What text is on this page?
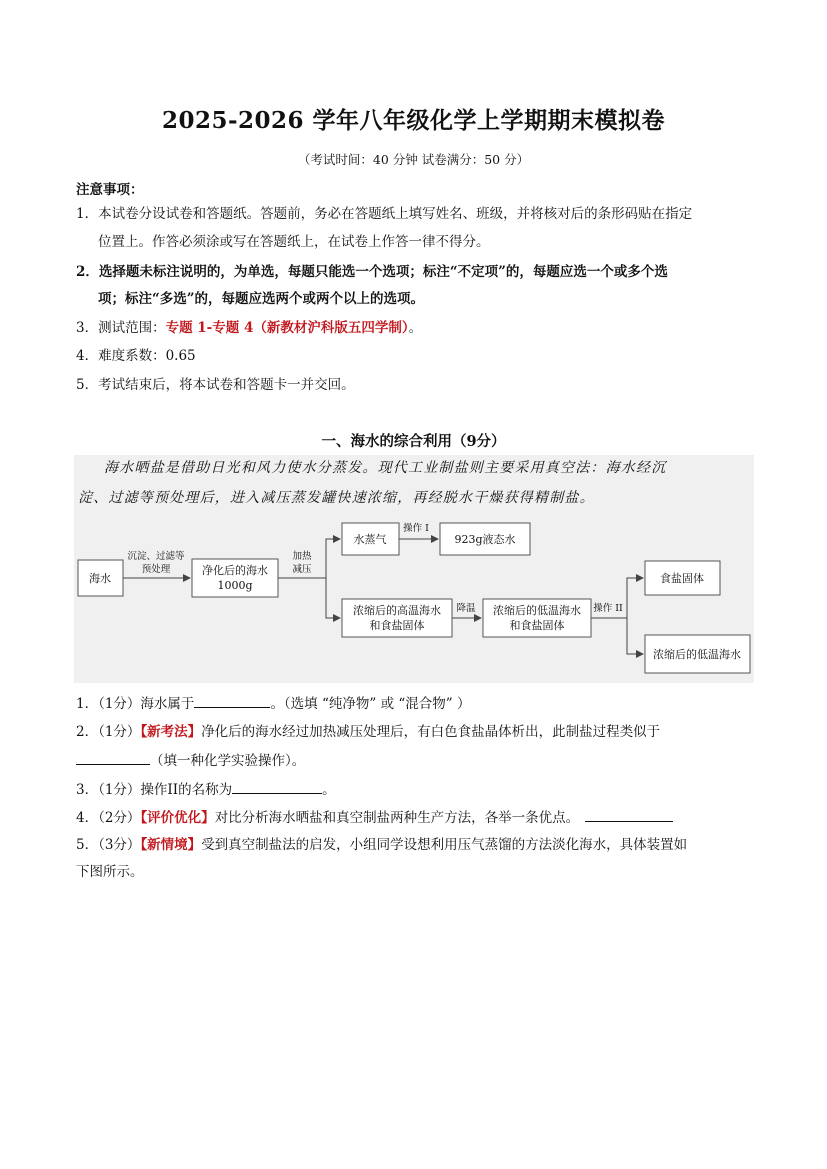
2025-2026 学年八年级化学上学期期末模拟卷
（考试时间：40 分钟 试卷满分：50 分）
注意事项：
1．本试卷分设试卷和答题纸。答题前，务必在答题纸上填写姓名、班级，并将核对后的条形码贴在指定
位置上。作答必须涂或写在答题纸上，在试卷上作答一律不得分。
2．选择题未标注说明的，为单选，每题只能选一个选项；标注“不定项”的，每题应选一个或多个选
项；标注“多选”的，每题应选两个或两个以上的选项。
3．测试范围：专题 1-专题 4（新教材沪科版五四学制）。
4．难度系数：0.65
5．考试结束后，将本试卷和答题卡一并交回。
一、海水的综合利用（9分）
海水晒盐是借助日光和风力使水分蒸发。现代工业制盐则主要采用真空法：海水经沉
淀、过滤等预处理后，进入减压蒸发罐快速浓缩，再经脱水干燥获得精制盐。
海水
沉淀、过滤等
预处理	净化后的海水
1000g
加热
减压
水蒸气
操作 I
923g液态水
浓缩后的高温海水
和食盐固体
降温 浓缩后的低温海水
和食盐固体
操作 II
食盐固体
浓缩后的低温海水
1．（1分）海水属于	。（选填 “纯净物” 或 “混合物” ）
2．（1分）【新考法】净化后的海水经过加热减压处理后，有白色食盐晶体析出，此制盐过程类似于
（填一种化学实验操作）。
3．（1分）操作II的名称为	。
4．（2分）【评价优化】对比分析海水晒盐和真空制盐两种生产方法，各举一条优点。
5．（3分）【新情境】受到真空制盐法的启发，小组同学设想利用压气蒸馏的方法淡化海水，具体装置如
下图所示。
